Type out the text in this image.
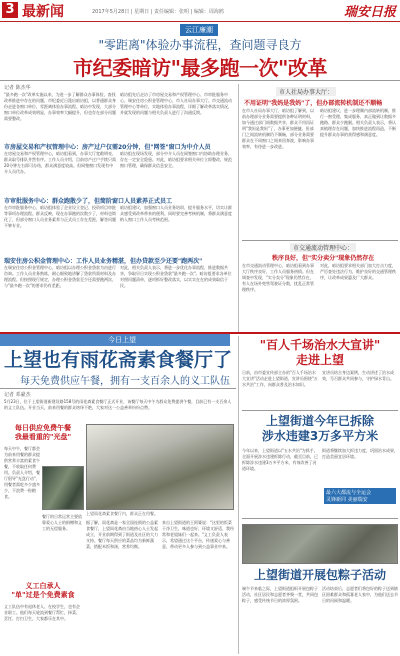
3 最新闻	2017年5月28日 | 星期日 | 责任编辑：张明 | 编辑：周海鸥	瑞安日报
云江廉潮
"零距离"体验办事流程，查问题寻良方
市纪委暗访"最多跑一次"改革
记者 陈杰华
"最多跑一次"改革实施以来，为进一步了解群众办事体验，查找改革推进中存在的问题，市纪委近日派出暗访组，以普通群众身份走进各窗口单位，零距离体验办事流程。暗访中发现，大部分窗口单位改革成效明显，办事效率大幅提升，但也存在部分问题需要整改。
暗访组先后走访了市房屋交易和产权管理中心、市审批服务中心、瑞安住房公积金管理中心、市人社局办事大厅、市交通流动管理中心等单位，实地体验办事流程，详细了解改革落实情况，并就发现的问题与相关负责人进行了沟通反馈。
市房屋交易和产权管理中心：房产过户仅需20分钟，但"网签"窗口为中介人员
在房屋交易和产权管理中心，暗访组看到，办事大厅宽敞明亮，群众取号排队井然有序。工作人员介绍，目前房产过户手续只需20分钟左右即可办结，群众满意度较高。但网签窗口发现有中介人员代办。
暗访组在现场发现，部分中介人员在网签窗口内协助办理业务，存在一定安全隐患。对此，暗访组要求相关单位立即整改，规范窗口管理，确保群众信息安全。
市审批服务中心：群众跑散少了，但简阶窗口人员素养正式员工
在市审批服务中心，暗访组体验了企业设立登记、投资项目审批等事项办理流程。群众反映，现在办事跑的次数少了，材料也简化了，但部分窗口人员业务素养与正式员工存在差距，解答问题不够专业。
暗访组建议，加强窗口人员业务培训，提升服务水平，切实让群众感受到改革带来的便利。同时要完善考核机制，将群众满意度纳入窗口工作人员考核范围。
瑞安住房公积金管理中心：工作人员业务精湛，但办贷款至少还要"跑两次"
在瑞安住房公积金管理中心，暗访组以办理公积金贷款为由进行咨询。工作人员业务熟练，耐心细致地讲解了贷款所需材料及办理流程。但按照现行规定，办理公积金贷款至少还需要跑两次，与"最多跑一次"的要求仍有差距。
对此，相关负责人表示，将进一步优化办事流程，推进数据共享，争取早日实现公积金贷款"最多跑一次"。暗访组要求各单位对照问题清单，逐项抓好整改落实，以实实在在的成效取信于民。
市人社局办事大厅：
不用证明"我妈是我妈"了，但办部流转机制还不顺畅
在市人社局办事大厅，暗访组了解到，以前办理部分业务需要提供各种证明材料，如今通过部门间数据共享，群众不用再证明"我妈是我妈"了，办事更加便捷。但部门之间流转机制仍不顺畅，部分业务需要群众在不同窗口之间来回奔波，影响办事效率，有待进一步改进。
暗访组建议，进一步理顺内部流转机制，推行一窗受理、集成服务，真正做到让数据多跑路、群众少跑腿。相关负责人表示，将认真梳理存在问题，加快推进流程再造，不断提升群众办事的获得感和满意度。
市交通流动管理中心：
秩序良好，但"实分卖分"现象仍然存在
在市交通流动管理中心，暗访组看到办事大厅秩序良好，工作人员服务热情。但在调查中发现，"实分卖分"现象仍然存在，有人在场外兜售驾驶证分数，扰乱正常管理秩序。
对此，暗访组要求相关部门加大打击力度，严厉查处违法行为，维护良好的交通管理秩序，让改革成果惠及广大群众。
今日上望
上望也有雨花斋素食餐厅了
每天免费供应午餐，拥有一支百余人的义工队伍
记者 邓豪杰
5月23日，位于上望街道新建设路158号的雨花斋素食餐厅正式开业，该餐厅每天中午为群众免费提供午餐，目前已有一支百余人的义工队伍。开业当天，前来用餐的群众络绎不绝，大家对这一公益善举纷纷点赞。
上望雨花斋素食餐厅内，群众正在用餐。
每日供应免费午餐
我最看重的"光盘"
每天中午，餐厅都会为前来用餐的群众提供营养丰富的素食午餐，不收取任何费用。负责人介绍，餐厅倡导"光盘行动"，用餐者需吃多少盛多少，不浪费一粒粮食。
餐厅的日常运营主要依靠爱心人士的捐赠和义工的无偿服务。
义工白承人
"单"过是个免费素食
义工队伍中有退休老人、在校学生，也有企业职工。他们每天轮流到餐厅帮忙，择菜、烹饪、打扫卫生，大家都乐在其中。
据了解，雨花斋是一家全国连锁的公益素食餐厅，上望雨花斋由当地热心人士发起成立，开业前期得到了街道及社区的大力支持。餐厅每天供应的菜品均为新鲜蔬菜，搭配米饭和汤，营养均衡。
来自上望街道的王阿婆说："这里的饭菜干净卫生，味道也好，环境又舒适，我经常和老姐妹们一起来。"义工负责人表示，希望通过这个平台，传递爱心与善意，带动更多人参与到公益事业中来。
"百人千场治水大宣讲"
走进上望
日前，由市委宣传部主办的"百人千场治水大宣讲"活动走进上望街道，宣讲员围绕"五水共治"工作，向群众普及治水知识。
宣讲员结合身边案例，生动讲述了治水成效，号召群众共同参与，守护绿水青山。
上望街道今年已拆除
涉水违建3万多平方米
今年以来，上望街道以"五水共治"为抓手，全面开展涉水违建拆除行动，截至目前，已拆除涉水违建3万多平方米，有效改善了河道环境。
街道将继续加大拆违力度，巩固治水成果，打造美丽宜居环境。
最六大都流与全运会
灵锋新同 美丽瑞安
上望街道开展包粽子活动
端午节来临之际，上望街道组织开展包粽子活动，社区居民和志愿者齐聚一堂，共同包粽子，感受传统节日的浓厚氛围。
活动结束后，志愿者们将包好的粽子送到辖区困难群众和孤寡老人家中，为他们送去节日的问候和温暖。
